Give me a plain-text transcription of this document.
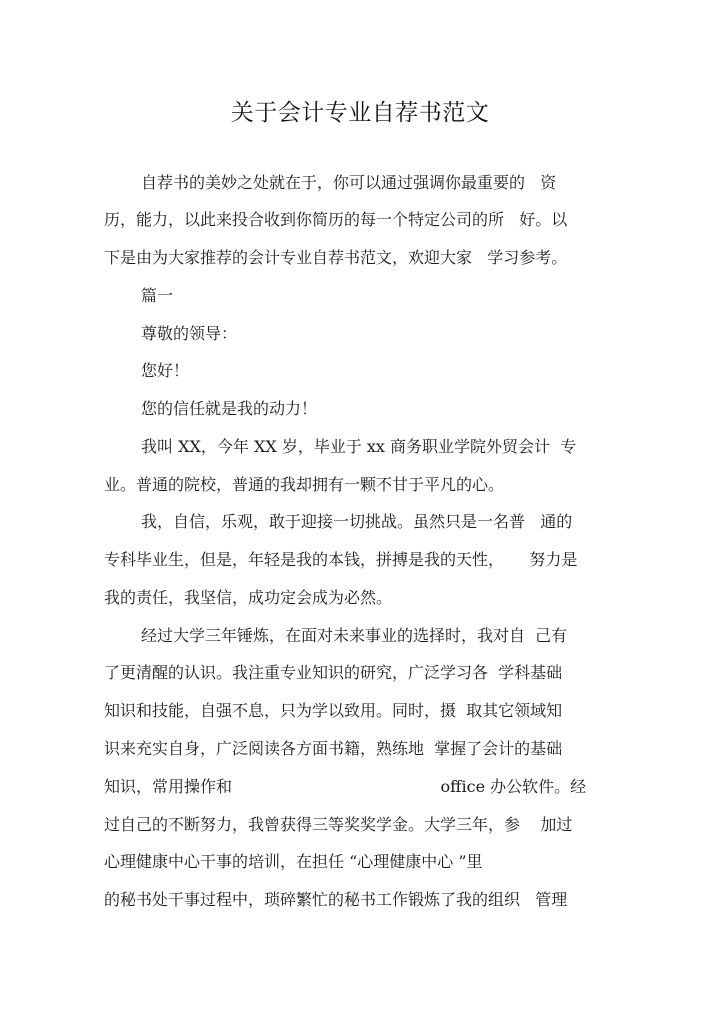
关于会计专业自荐书范文
自荐书的美妙之处就在于，你可以通过强调你最重要的   资
历，能力，以此来投合收到你简历的每一个特定公司的所   好。以
下是由为大家推荐的会计专业自荐书范文，欢迎大家   学习参考。
篇一
尊敬的领导：
您好！
您的信任就是我的动力！
我叫 XX，今年 XX 岁，毕业于 xx 商务职业学院外贸会计  专
业。普通的院校，普通的我却拥有一颗不甘于平凡的心。
我，自信，乐观，敢于迎接一切挑战。虽然只是一名普   通的
专科毕业生，但是，年轻是我的本钱，拼搏是我的天性，     努力是
我的责任，我坚信，成功定会成为必然。
经过大学三年锤炼，在面对未来事业的选择时，我对自  己有
了更清醒的认识。我注重专业知识的研究，广泛学习各  学科基础
知识和技能，自强不息，只为学以致用。同时，摄  取其它领域知
识来充实自身，广泛阅读各方面书籍，熟练地  掌握了会计的基础
知识，常用操作和                                         office 办公软件。经
过自己的不断努力，我曾获得三等奖奖学金。大学三年，参    加过
心理健康中心干事的培训，在担任 “心理健康中心 ”里
的秘书处干事过程中，琐碎繁忙的秘书工作锻炼了我的组织   管理
